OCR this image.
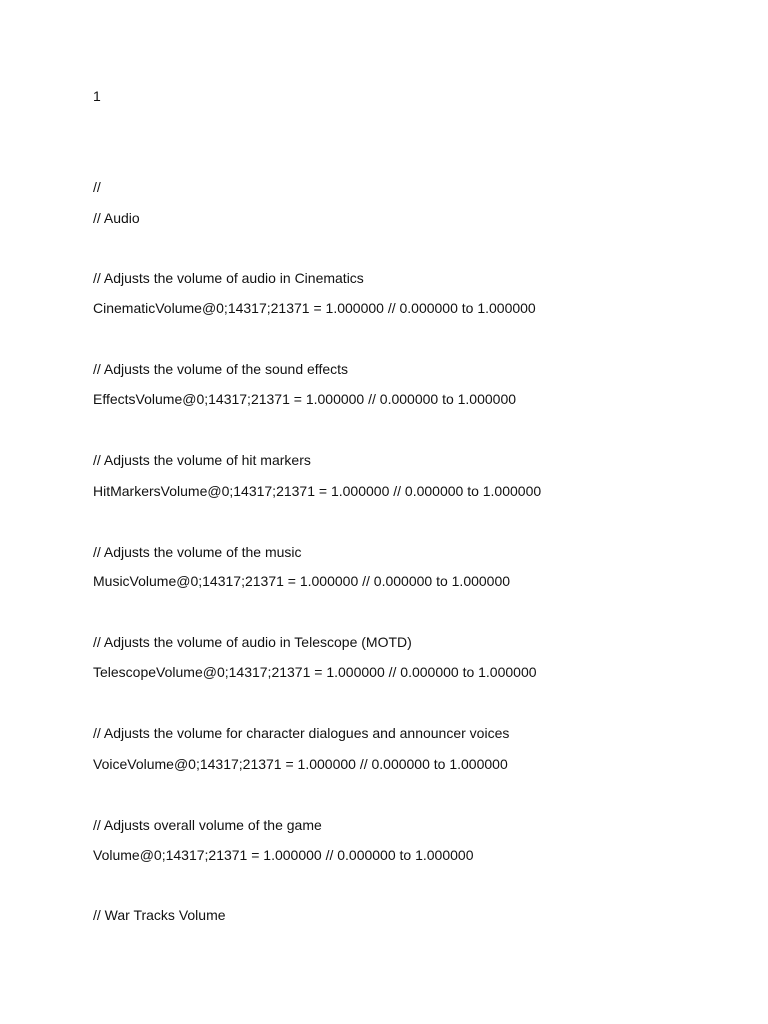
1
//
// Audio
// Adjusts the volume of audio in Cinematics
CinematicVolume@0;14317;21371 = 1.000000 // 0.000000 to 1.000000
// Adjusts the volume of the sound effects
EffectsVolume@0;14317;21371 = 1.000000 // 0.000000 to 1.000000
// Adjusts the volume of hit markers
HitMarkersVolume@0;14317;21371 = 1.000000 // 0.000000 to 1.000000
// Adjusts the volume of the music
MusicVolume@0;14317;21371 = 1.000000 // 0.000000 to 1.000000
// Adjusts the volume of audio in Telescope (MOTD)
TelescopeVolume@0;14317;21371 = 1.000000 // 0.000000 to 1.000000
// Adjusts the volume for character dialogues and announcer voices
VoiceVolume@0;14317;21371 = 1.000000 // 0.000000 to 1.000000
// Adjusts overall volume of the game
Volume@0;14317;21371 = 1.000000 // 0.000000 to 1.000000
// War Tracks Volume
